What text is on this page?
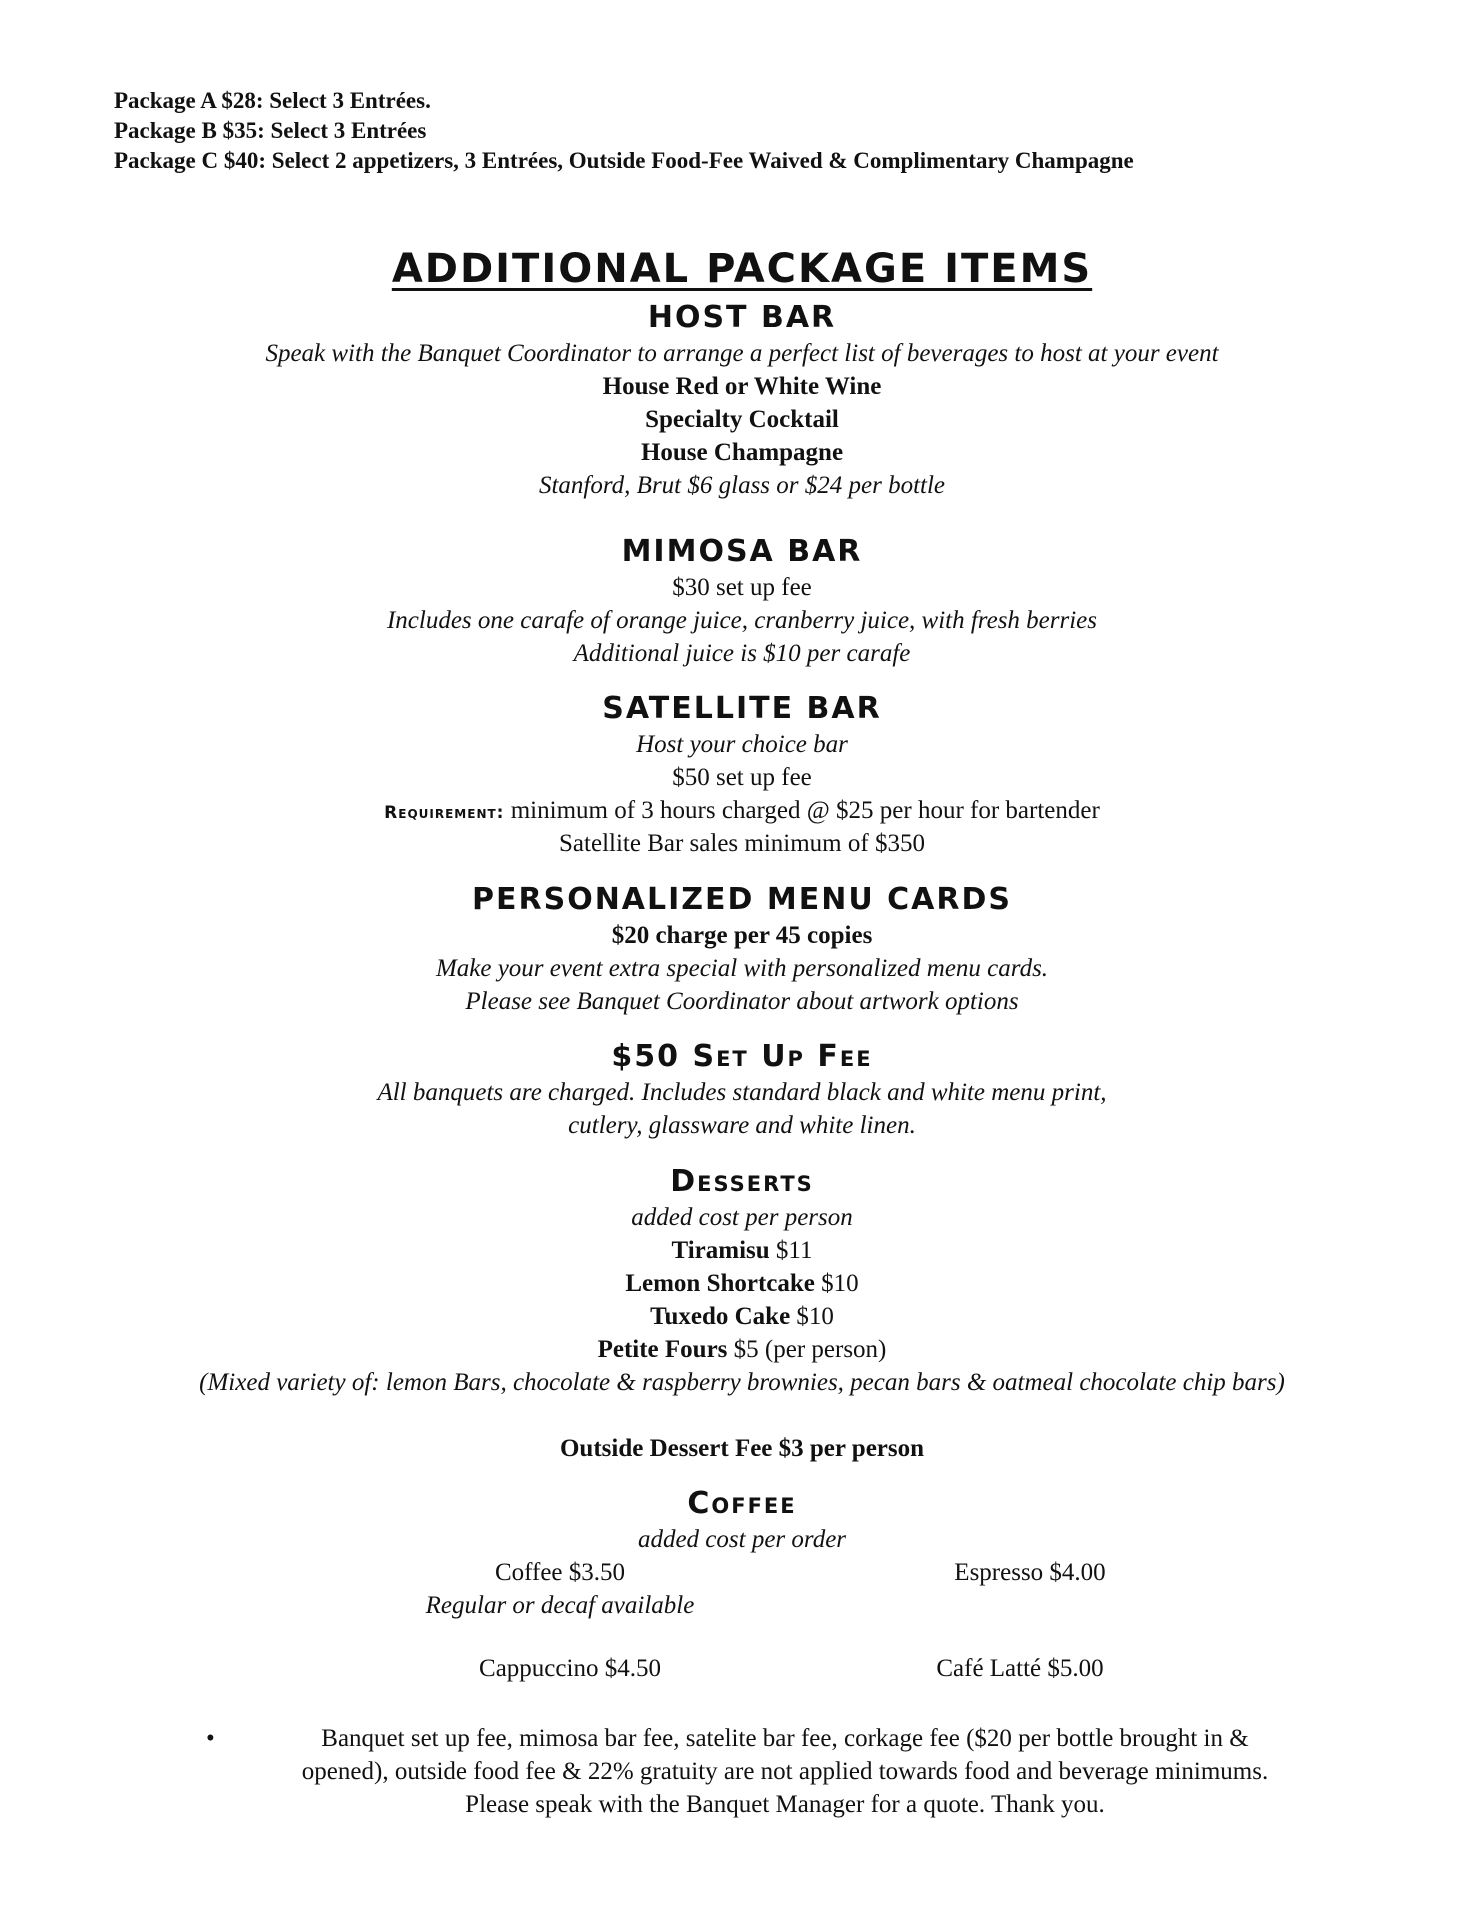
Package A $28: Select 3 Entrées.
Package B $35: Select 3 Entrées
Package C $40: Select 2 appetizers, 3 Entrées, Outside Food-Fee Waived & Complimentary Champagne
ADDITIONAL PACKAGE ITEMS
HOST BAR
Speak with the Banquet Coordinator to arrange a perfect list of beverages to host at your event
House Red or White Wine
Specialty Cocktail
House Champagne
Stanford, Brut $6 glass or $24 per bottle
MIMOSA BAR
$30 set up fee
Includes one carafe of orange juice, cranberry juice, with fresh berries
Additional juice is $10 per carafe
SATELLITE BAR
Host your choice bar
$50 set up fee
Requirement: minimum of 3 hours charged @ $25 per hour for bartender
Satellite Bar sales minimum of $350
PERSONALIZED MENU CARDS
$20 charge per 45 copies
Make your event extra special with personalized menu cards.
Please see Banquet Coordinator about artwork options
$50 Set Up Fee
All banquets are charged. Includes standard black and white menu print,
cutlery, glassware and white linen.
Desserts
added cost per person
Tiramisu $11
Lemon Shortcake $10
Tuxedo Cake $10
Petite Fours $5 (per person)
(Mixed variety of: lemon Bars, chocolate & raspberry brownies, pecan bars & oatmeal chocolate chip bars)
Outside Dessert Fee $3 per person
Coffee
added cost per order
Coffee $3.50
Regular or decaf available
Espresso $4.00
Cappuccino $4.50	Café Latté $5.00
•	Banquet set up fee, mimosa bar fee, satelite bar fee, corkage fee ($20 per bottle brought in &
opened), outside food fee & 22% gratuity are not applied towards food and beverage minimums.
Please speak with the Banquet Manager for a quote. Thank you.
